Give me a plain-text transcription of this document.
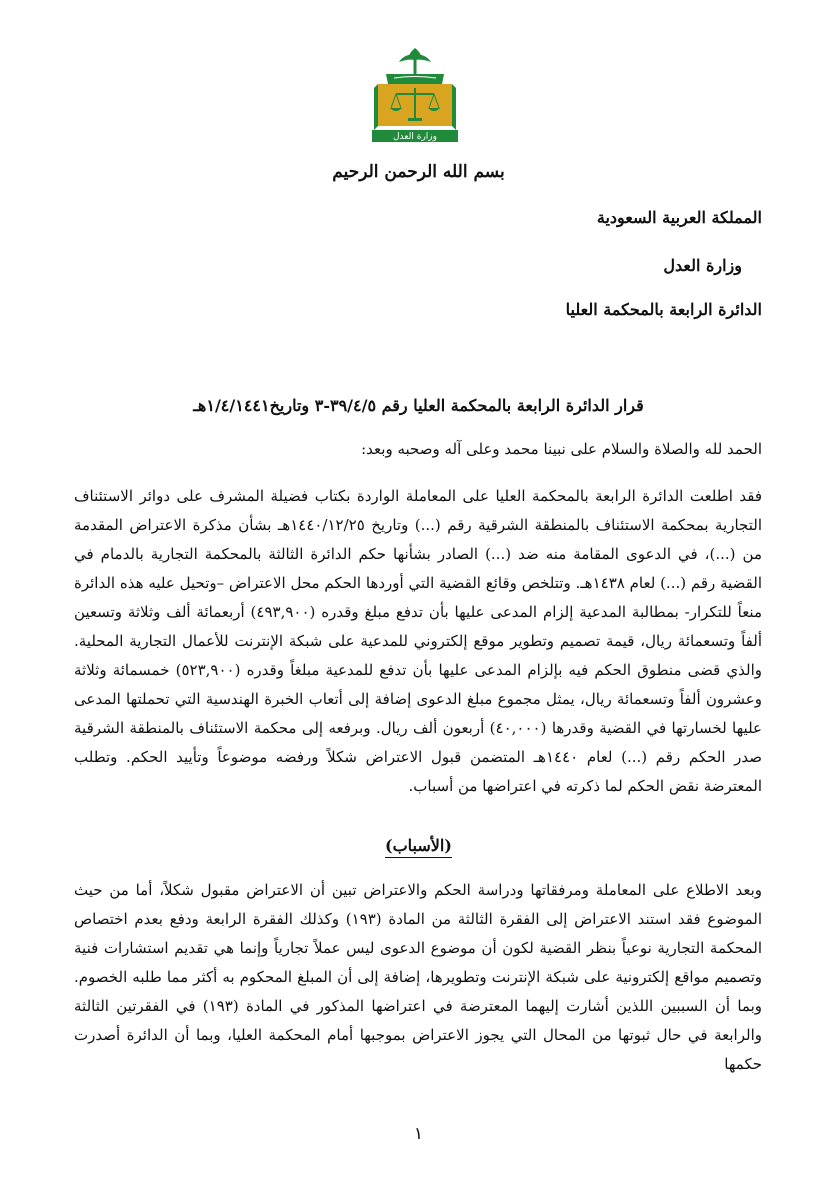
وزارة العدل
بسم الله الرحمن الرحيم
المملكة العربية السعودية
وزارة العدل
الدائرة الرابعة بالمحكمة العليا
قرار الدائرة الرابعة بالمحكمة العليا رقم ٣٩/٤/٥-٣ وتاريخ١/٤/١٤٤١هـ
الحمد لله والصلاة والسلام على نبينا محمد وعلى آله وصحبه وبعد:
فقد اطلعت الدائرة الرابعة بالمحكمة العليا على المعاملة الواردة بكتاب فضيلة المشرف على دوائر الاستئناف التجارية بمحكمة الاستئناف بالمنطقة الشرقية رقم (...) وتاريخ ١٤٤٠/١٢/٢٥هـ بشأن مذكرة الاعتراض المقدمة من (...)، في الدعوى المقامة منه ضد (...) الصادر بشأنها حكم الدائرة الثالثة بالمحكمة التجارية بالدمام في القضية رقم (...) لعام ١٤٣٨هـ. وتتلخص وقائع القضية التي أوردها الحكم محل الاعتراض –وتحيل عليه هذه الدائرة منعاً للتكرار- بمطالبة المدعية إلزام المدعى عليها بأن تدفع مبلغ وقدره (٤٩٣,٩٠٠) أربعمائة ألف وثلاثة وتسعين ألفاً وتسعمائة ريال، قيمة تصميم وتطوير موقع إلكتروني للمدعية على شبكة الإنترنت للأعمال التجارية المحلية. والذي قضى منطوق الحكم فيه بإلزام المدعى عليها بأن تدفع للمدعية مبلغاً وقدره (٥٢٣,٩٠٠) خمسمائة وثلاثة وعشرون ألفاً وتسعمائة ريال، يمثل مجموع مبلغ الدعوى إضافة إلى أتعاب الخبرة الهندسية التي تحملتها المدعى عليها لخسارتها في القضية وقدرها (٤٠,٠٠٠) أربعون ألف ريال. وبرفعه إلى محكمة الاستئناف بالمنطقة الشرقية صدر الحكم رقم (...) لعام ١٤٤٠هـ المتضمن قبول الاعتراض شكلاً ورفضه موضوعاً وتأييد الحكم. وتطلب المعترضة نقض الحكم لما ذكرته في اعتراضها من أسباب.
(الأسباب)
وبعد الاطلاع على المعاملة ومرفقاتها ودراسة الحكم والاعتراض تبين أن الاعتراض مقبول شكلاً، أما من حيث الموضوع فقد استند الاعتراض إلى الفقرة الثالثة من المادة (١٩٣) وكذلك الفقرة الرابعة ودفع بعدم اختصاص المحكمة التجارية نوعياً بنظر القضية لكون أن موضوع الدعوى ليس عملاً تجارياً وإنما هي تقديم استشارات فنية وتصميم مواقع إلكترونية على شبكة الإنترنت وتطويرها، إضافة إلى أن المبلغ المحكوم به أكثر مما طلبه الخصوم. وبما أن السببين اللذين أشارت إليهما المعترضة في اعتراضها المذكور في المادة (١٩٣) في الفقرتين الثالثة والرابعة في حال ثبوتها من المحال التي يجوز الاعتراض بموجبها أمام المحكمة العليا، وبما أن الدائرة أصدرت حكمها
١
